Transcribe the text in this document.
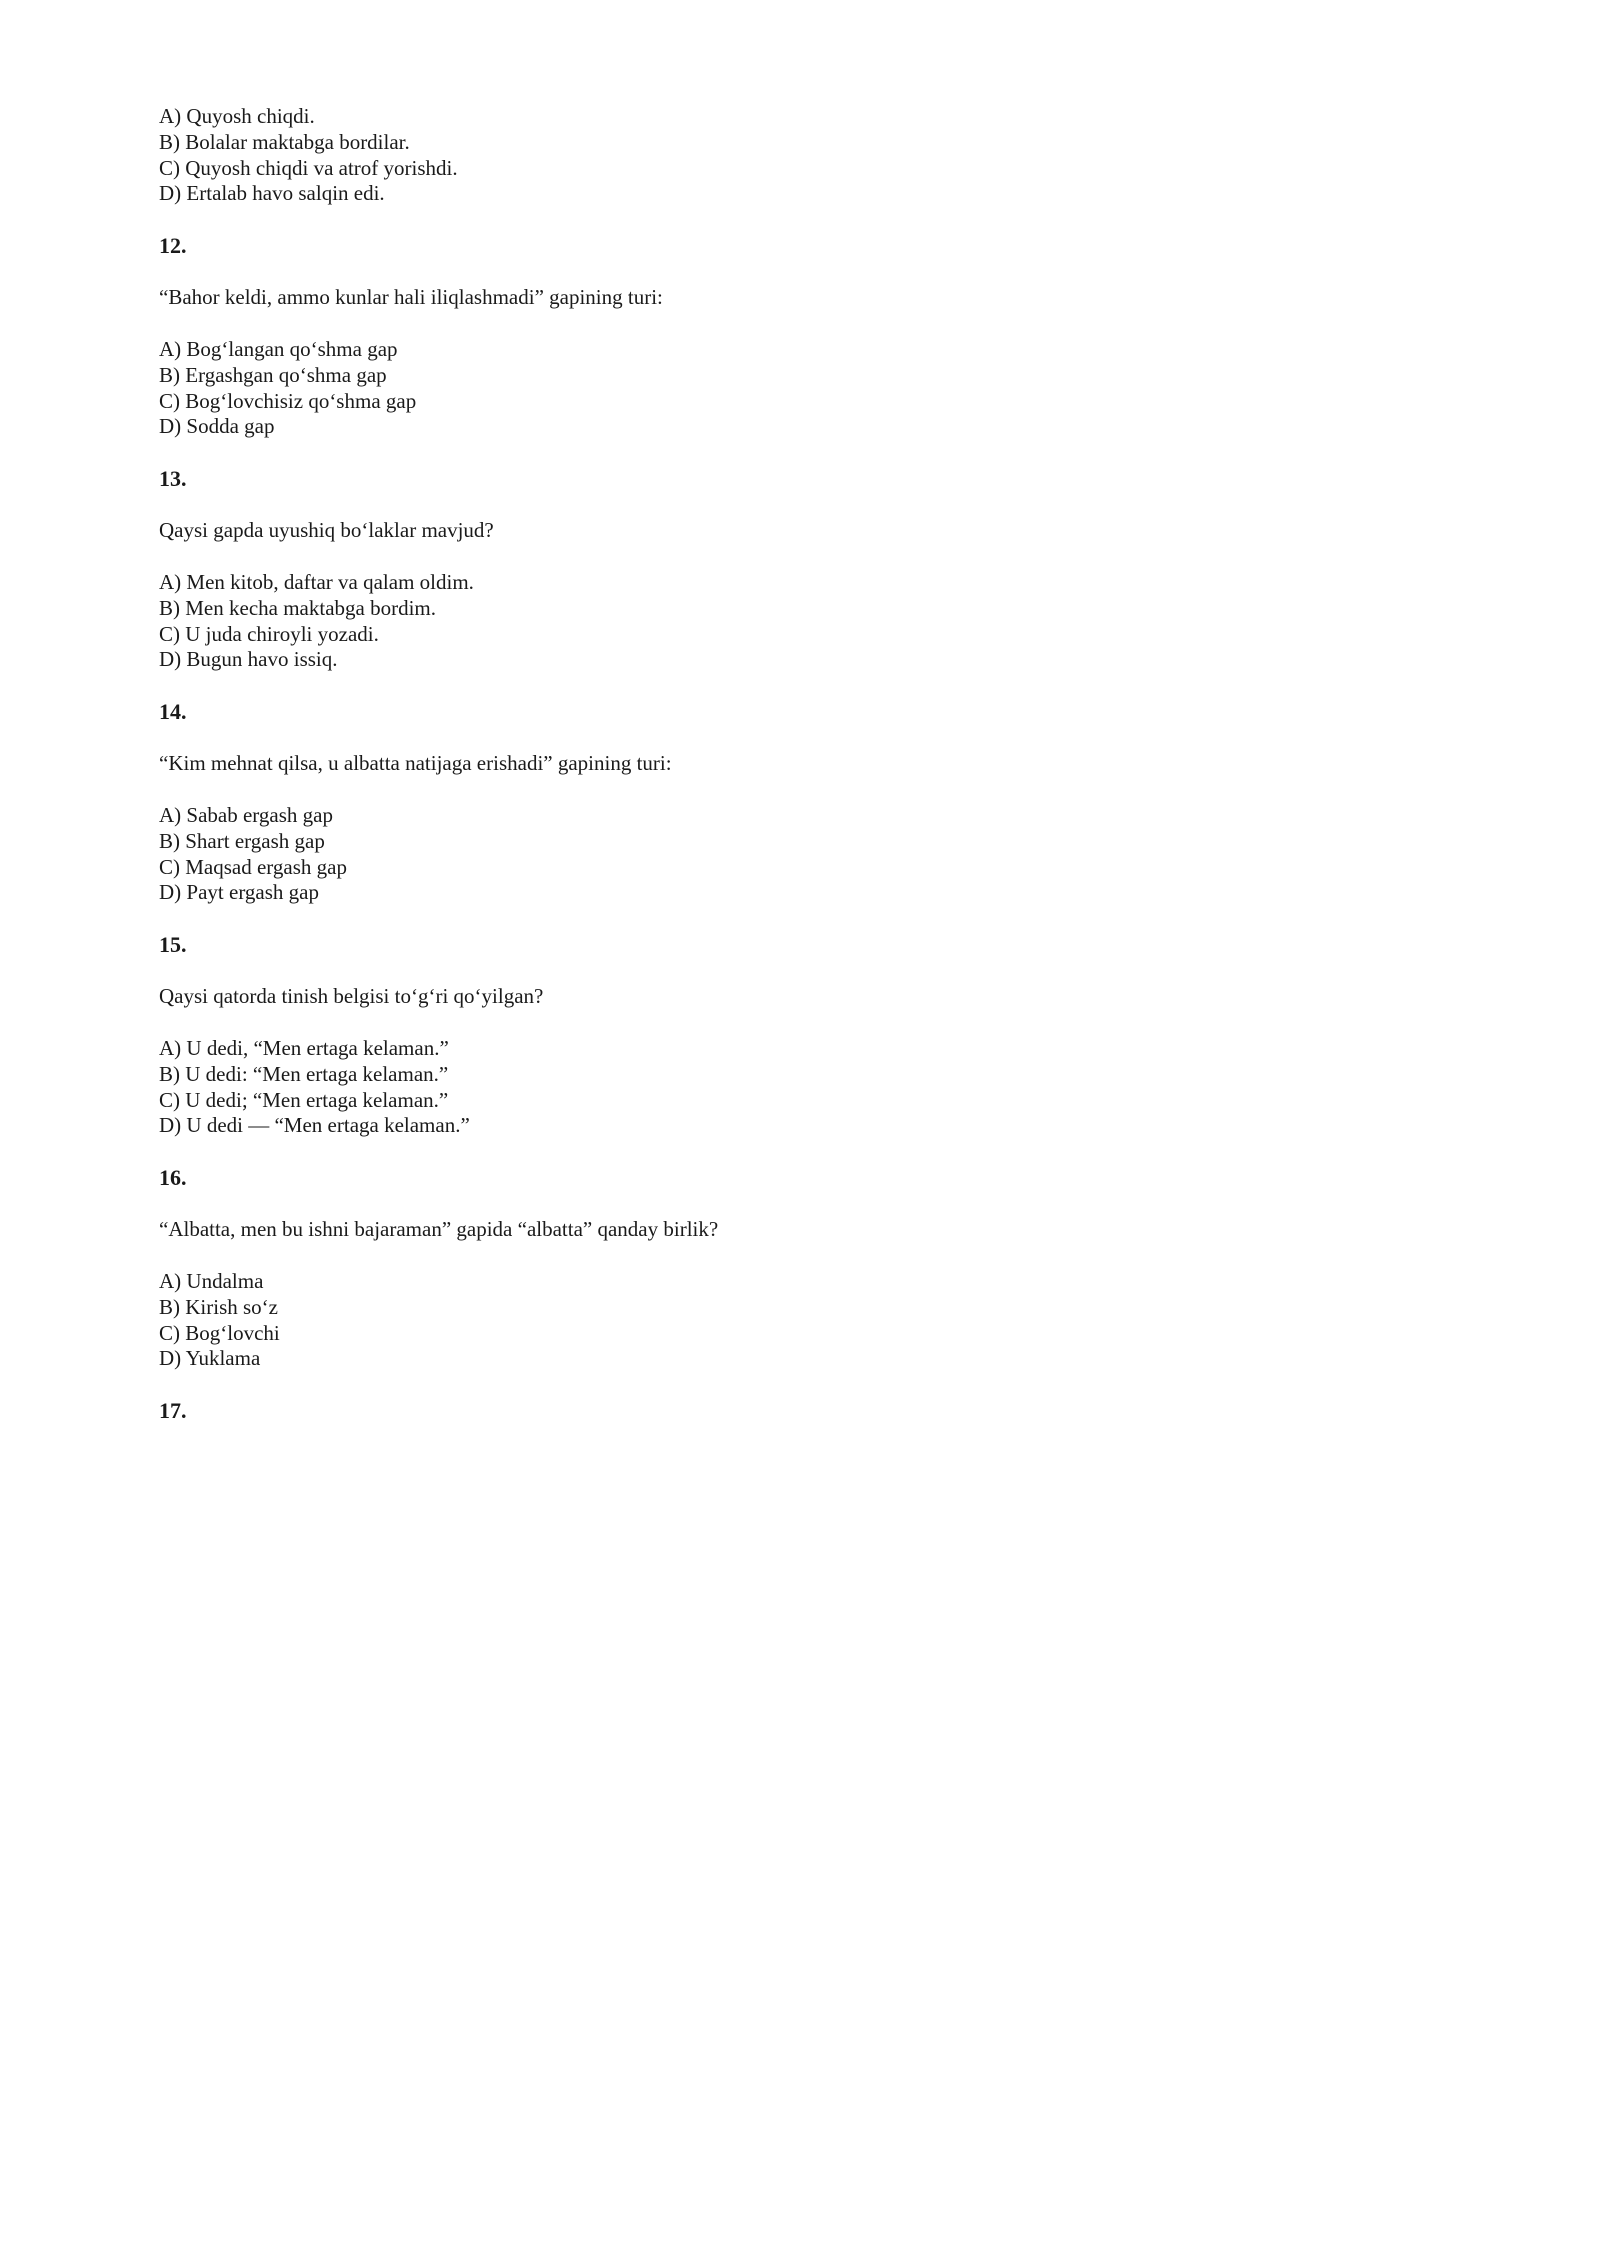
A) Quyosh chiqdi.
B) Bolalar maktabga bordilar.
C) Quyosh chiqdi va atrof yorishdi.
D) Ertalab havo salqin edi.
12.
“Bahor keldi, ammo kunlar hali iliqlashmadi” gapining turi:
A) Bog‘langan qo‘shma gap
B) Ergashgan qo‘shma gap
C) Bog‘lovchisiz qo‘shma gap
D) Sodda gap
13.
Qaysi gapda uyushiq bo‘laklar mavjud?
A) Men kitob, daftar va qalam oldim.
B) Men kecha maktabga bordim.
C) U juda chiroyli yozadi.
D) Bugun havo issiq.
14.
“Kim mehnat qilsa, u albatta natijaga erishadi” gapining turi:
A) Sabab ergash gap
B) Shart ergash gap
C) Maqsad ergash gap
D) Payt ergash gap
15.
Qaysi qatorda tinish belgisi to‘g‘ri qo‘yilgan?
A) U dedi, “Men ertaga kelaman.”
B) U dedi: “Men ertaga kelaman.”
C) U dedi; “Men ertaga kelaman.”
D) U dedi — “Men ertaga kelaman.”
16.
“Albatta, men bu ishni bajaraman” gapida “albatta” qanday birlik?
A) Undalma
B) Kirish so‘z
C) Bog‘lovchi
D) Yuklama
17.
